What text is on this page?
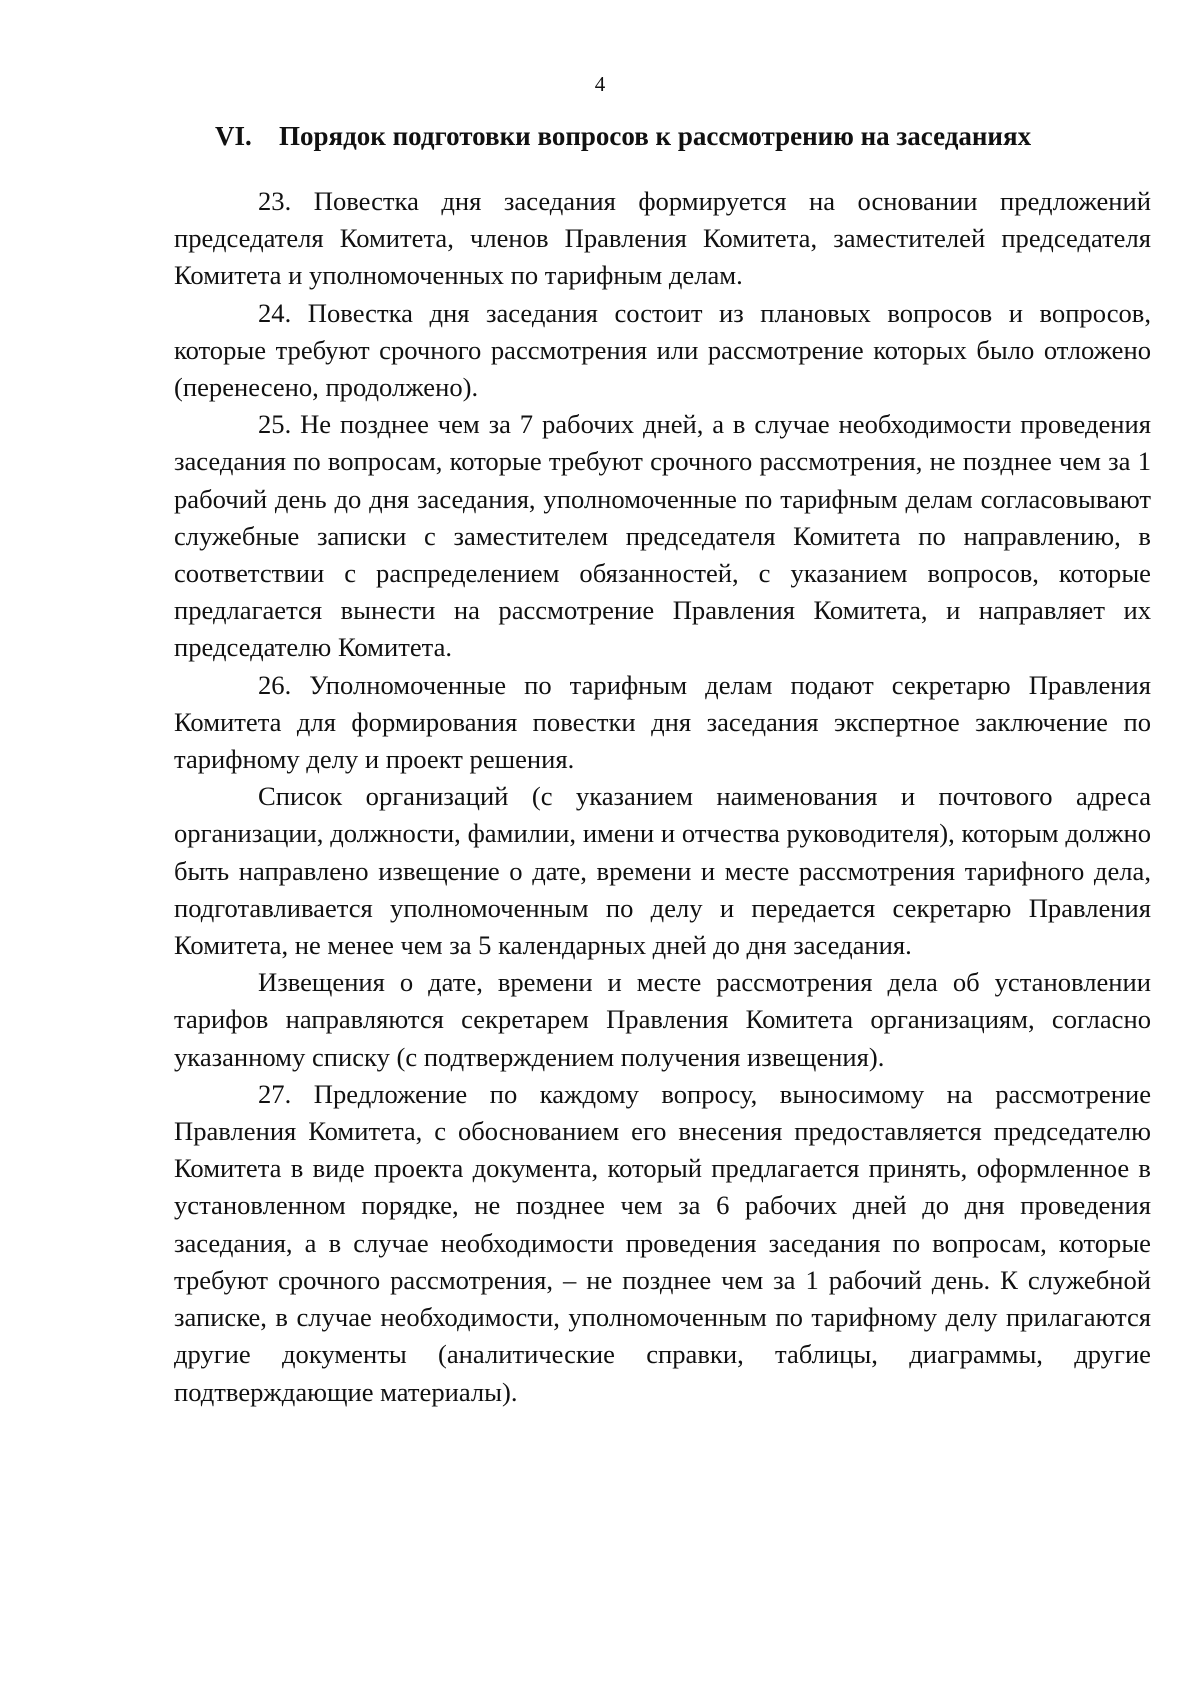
4
VI. Порядок подготовки вопросов к рассмотрению на заседаниях

23. Повестка дня заседания формируется на основании предложений председателя Комитета, членов Правления Комитета, заместителей председателя Комитета и уполномоченных по тарифным делам.

24. Повестка дня заседания состоит из плановых вопросов и вопросов, которые требуют срочного рассмотрения или рассмотрение которых было отложено (перенесено, продолжено).

25. Не позднее чем за 7 рабочих дней, а в случае необходимости проведения заседания по вопросам, которые требуют срочного рассмотрения, не позднее чем за 1 рабочий день до дня заседания, уполномоченные по тарифным делам согласовывают служебные записки с заместителем председателя Комитета по направлению, в соответствии с распределением обязанностей, с указанием вопросов, которые предлагается вынести на рассмотрение Правления Комитета, и направляет их председателю Комитета.

26. Уполномоченные по тарифным делам подают секретарю Правления Комитета для формирования повестки дня заседания экспертное заключение по тарифному делу и проект решения.

Список организаций (с указанием наименования и почтового адреса организации, должности, фамилии, имени и отчества руководителя), которым должно быть направлено извещение о дате, времени и месте рассмотрения тарифного дела, подготавливается уполномоченным по делу и передается секретарю Правления Комитета, не менее чем за 5 календарных дней до дня заседания.

Извещения о дате, времени и месте рассмотрения дела об установлении тарифов направляются секретарем Правления Комитета организациям, согласно указанному списку (с подтверждением получения извещения).

27. Предложение по каждому вопросу, выносимому на рассмотрение Правления Комитета, с обоснованием его внесения предоставляется председателю Комитета в виде проекта документа, который предлагается принять, оформленное в установленном порядке, не позднее чем за 6 рабочих дней до дня проведения заседания, а в случае необходимости проведения заседания по вопросам, которые требуют срочного рассмотрения, – не позднее чем за 1 рабочий день. К служебной записке, в случае необходимости, уполномоченным по тарифному делу прилагаются другие документы (аналитические справки, таблицы, диаграммы, другие подтверждающие материалы).
